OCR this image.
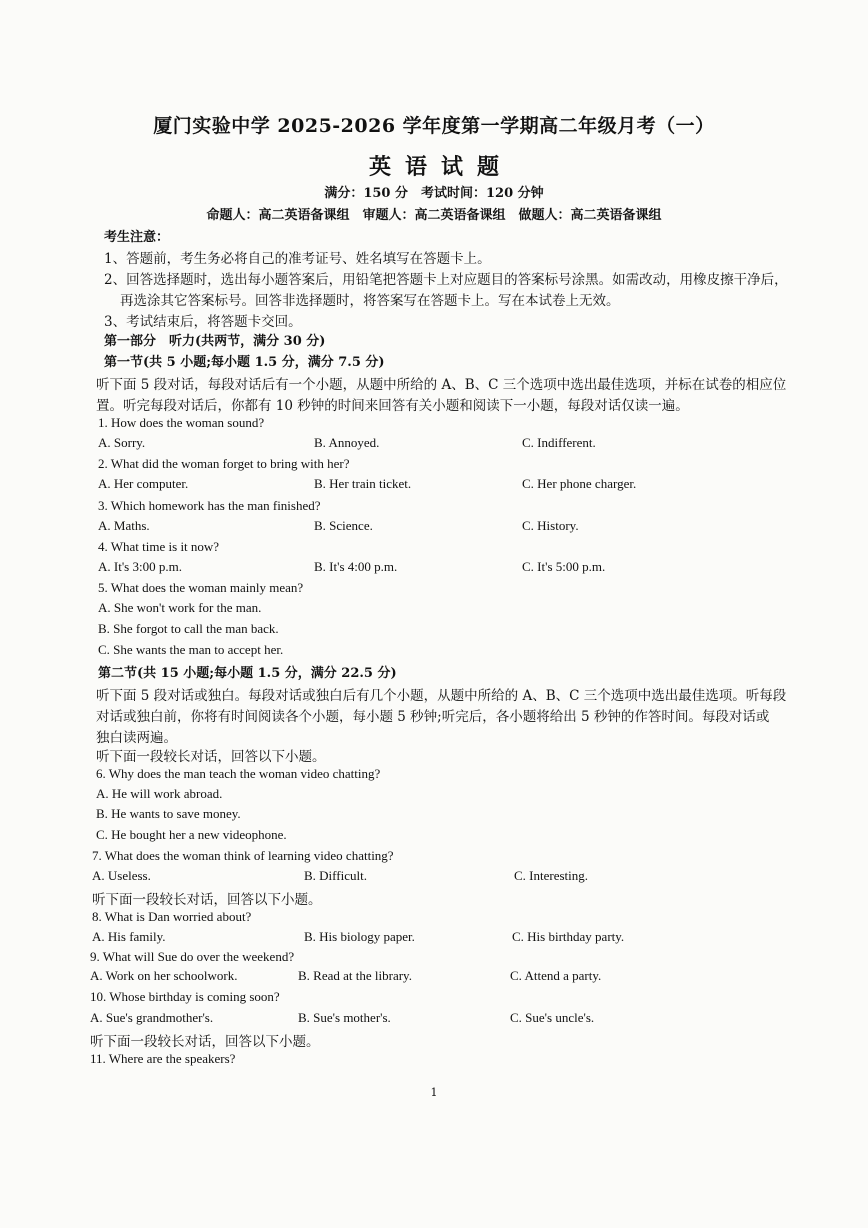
厦门实验中学 2025-2026 学年度第一学期高二年级月考（一）
英语试题
满分：150 分　考试时间：120 分钟
命题人：高二英语备课组　审题人：高二英语备课组　做题人：高二英语备课组
考生注意：
1、答题前，考生务必将自己的准考证号、姓名填写在答题卡上。
2、回答选择题时，选出每小题答案后，用铅笔把答题卡上对应题目的答案标号涂黑。如需改动，用橡皮擦干净后，
再选涂其它答案标号。回答非选择题时，将答案写在答题卡上。写在本试卷上无效。
3、考试结束后，将答题卡交回。
第一部分　听力(共两节，满分 30 分)
第一节(共 5 小题;每小题 1.5 分，满分 7.5 分)
听下面 5 段对话，每段对话后有一个小题，从题中所给的 A、B、C 三个选项中选出最佳选项，并标在试卷的相应位
置。听完每段对话后，你都有 10 秒钟的时间来回答有关小题和阅读下一小题，每段对话仅读一遍。
1. How does the woman sound?
A. Sorry.	B. Annoyed.	C. Indifferent.
2. What did the woman forget to bring with her?
A. Her computer.	B. Her train ticket.	C. Her phone charger.
3. Which homework has the man finished?
A. Maths.	B. Science.	C. History.
4. What time is it now?
A. It's 3:00 p.m.	B. It's 4:00 p.m.	C. It's 5:00 p.m.
5. What does the woman mainly mean?
A. She won't work for the man.
B. She forgot to call the man back.
C. She wants the man to accept her.
第二节(共 15 小题;每小题 1.5 分，满分 22.5 分)
听下面 5 段对话或独白。每段对话或独白后有几个小题，从题中所给的 A、B、C 三个选项中选出最佳选项。听每段
对话或独白前，你将有时间阅读各个小题，每小题 5 秒钟;听完后，各小题将给出 5 秒钟的作答时间。每段对话或
独白读两遍。
听下面一段较长对话，回答以下小题。
6. Why does the man teach the woman video chatting?
A. He will work abroad.
B. He wants to save money.
C. He bought her a new videophone.
7. What does the woman think of learning video chatting?
A. Useless.	B. Difficult.	C. Interesting.
听下面一段较长对话，回答以下小题。
8. What is Dan worried about?
A. His family.	B. His biology paper.	C. His birthday party.
9. What will Sue do over the weekend?
A. Work on her schoolwork.	B. Read at the library.	C. Attend a party.
10. Whose birthday is coming soon?
A. Sue's grandmother's.	B. Sue's mother's.	C. Sue's uncle's.
听下面一段较长对话，回答以下小题。
11. Where are the speakers?
1
